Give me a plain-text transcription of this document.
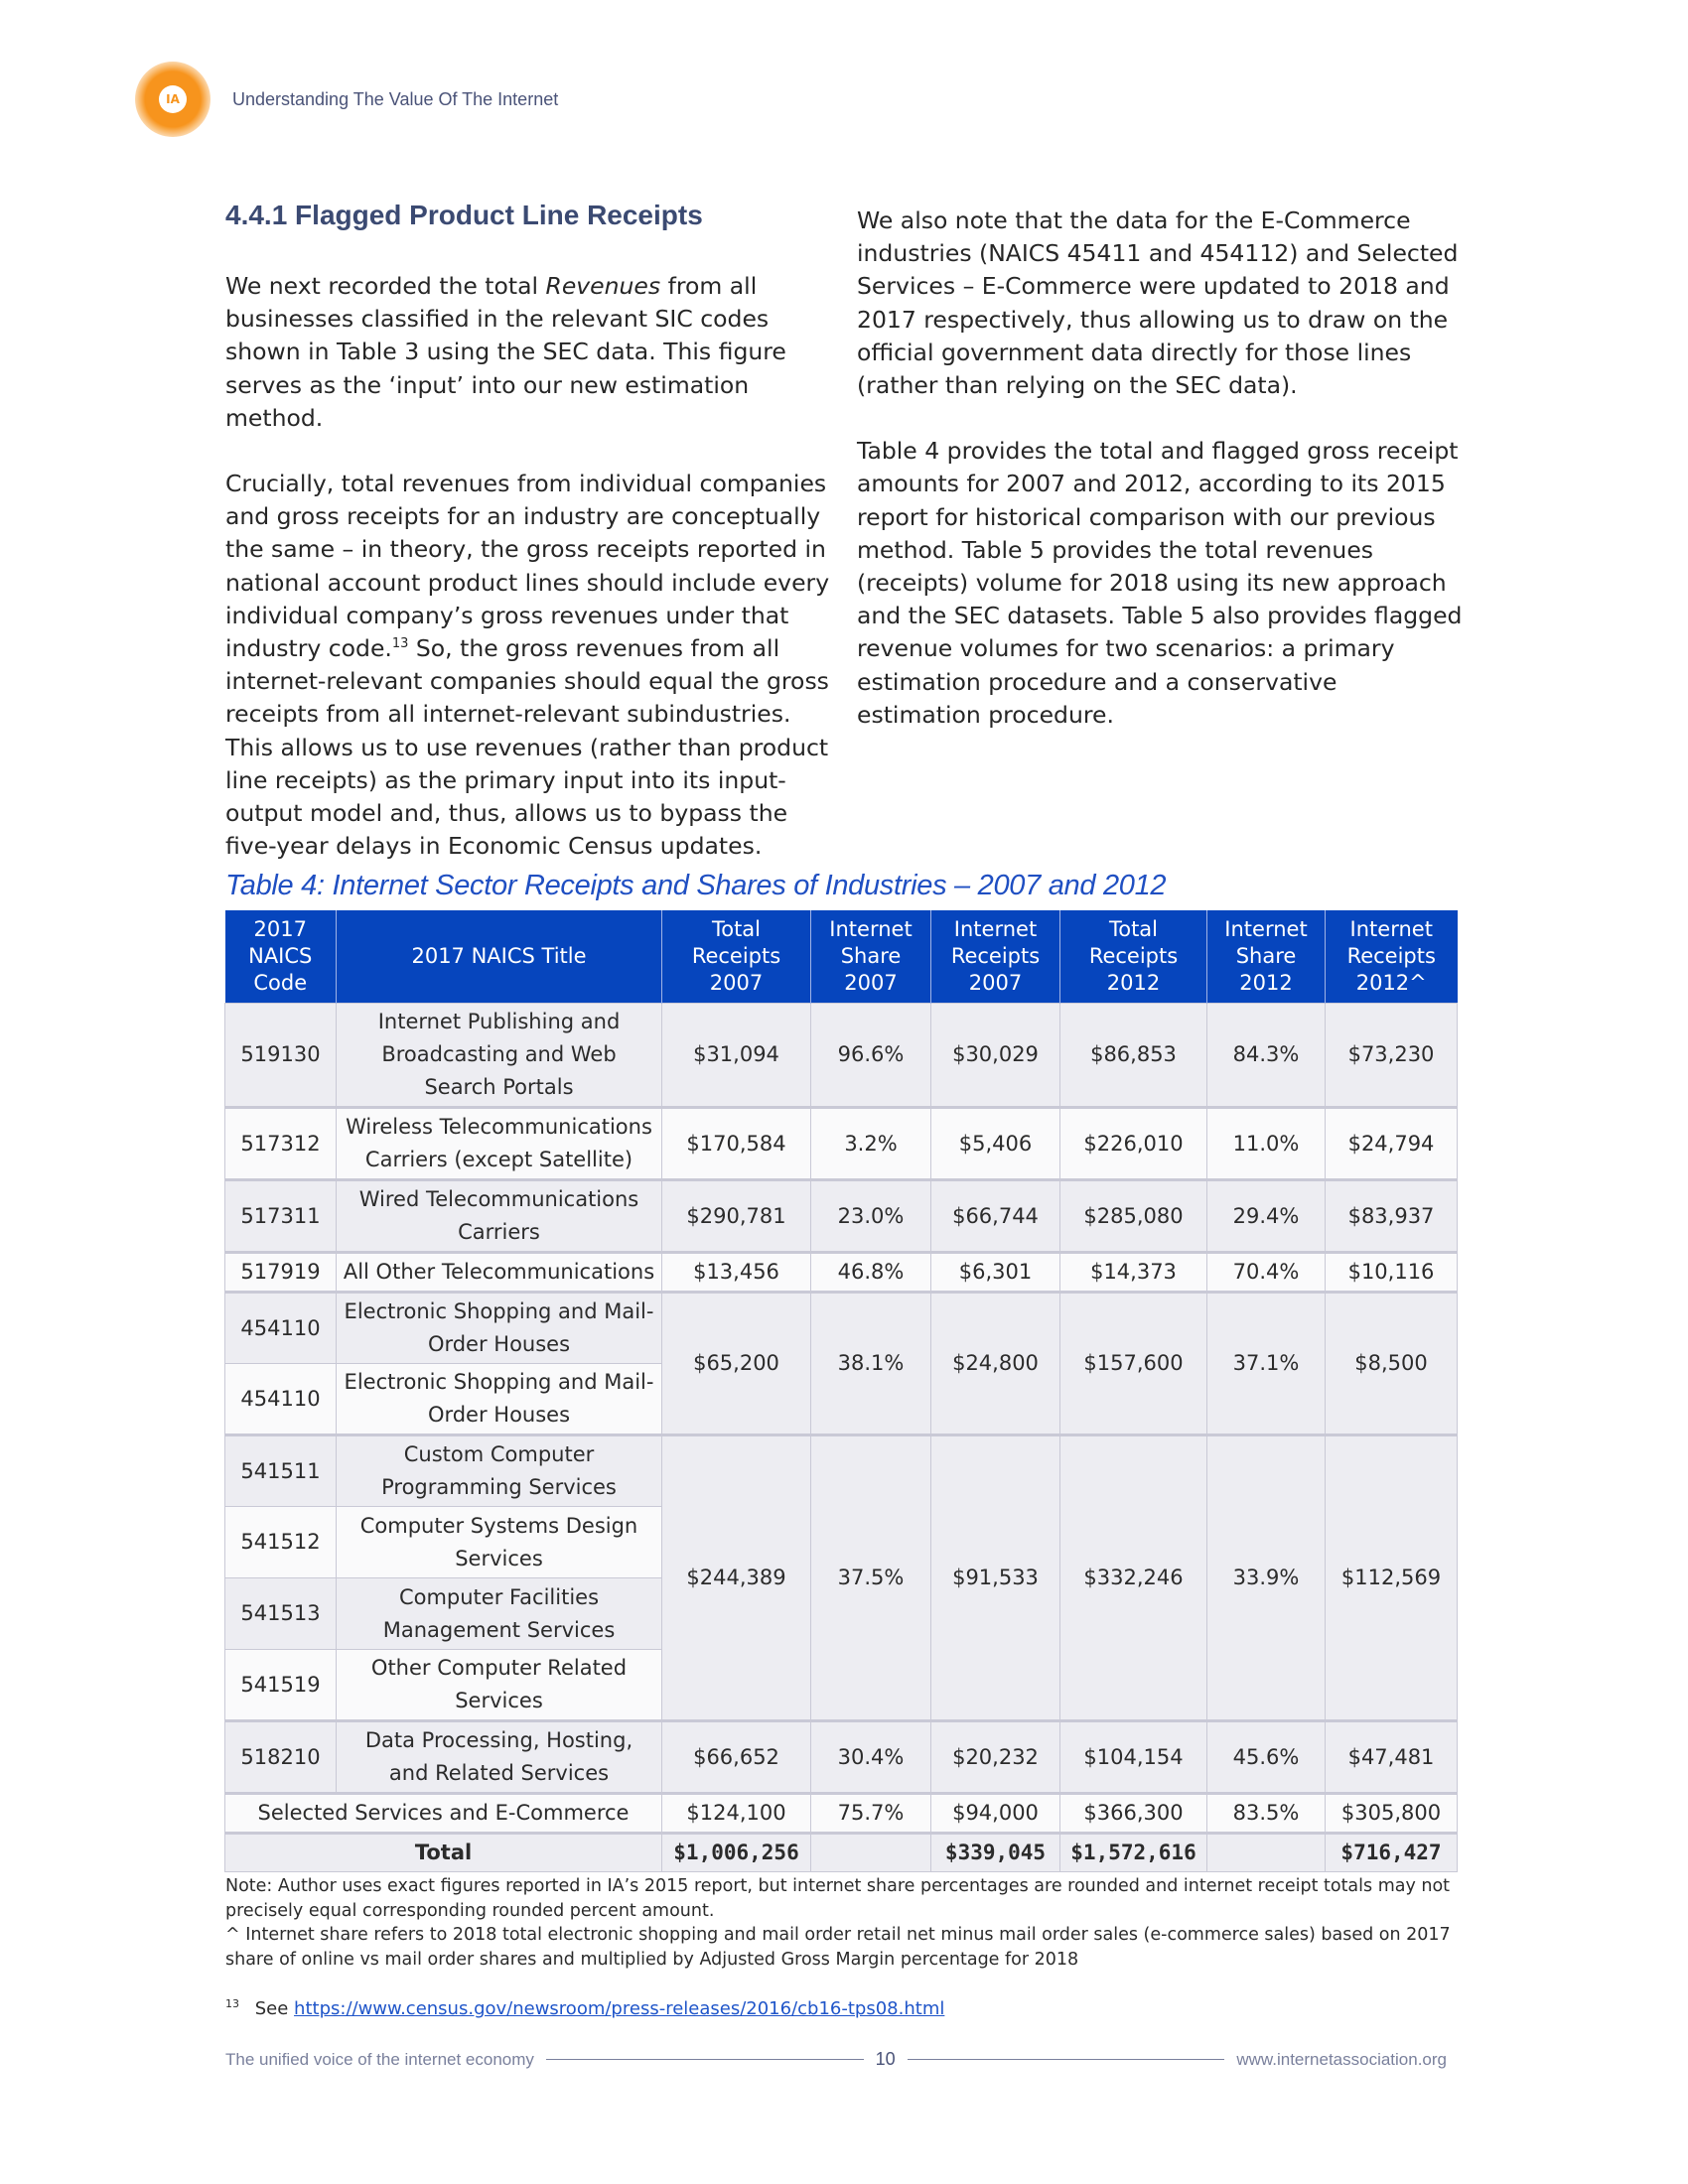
IA	Understanding The Value Of The Internet
4.4.1 Flagged Product Line Receipts

We next recorded the total Revenues from all businesses classified in the relevant SIC codes shown in Table 3 using the SEC data. This figure serves as the ‘input’ into our new estimation method.

Crucially, total revenues from individual companies and gross receipts for an industry are conceptually the same – in theory, the gross receipts reported in national account product lines should include every individual company’s gross revenues under that industry code.$^{13}$ So, the gross revenues from all internet-relevant companies should equal the gross receipts from all internet-relevant subindustries. This allows us to use revenues (rather than product line receipts) as the primary input into its input-output model and, thus, allows us to bypass the five-year delays in Economic Census updates.

We also note that the data for the E-Commerce industries (NAICS 45411 and 454112) and Selected Services – E-Commerce were updated to 2018 and 2017 respectively, thus allowing us to draw on the official government data directly for those lines (rather than relying on the SEC data).

Table 4 provides the total and flagged gross receipt amounts for 2007 and 2012, according to its 2015 report for historical comparison with our previous method. Table 5 provides the total revenues (receipts) volume for 2018 using its new approach and the SEC datasets. Table 5 also provides flagged revenue volumes for two scenarios: a primary estimation procedure and a conservative estimation procedure.

Table 4: Internet Sector Receipts and Shares of Industries – 2007 and 2012
2017 NAICS Code	2017 NAICS Title	Total Receipts 2007	Internet Share 2007	Internet Receipts 2007	Total Receipts 2012	Internet Share 2012	Internet Receipts 2012^
519130	Internet Publishing and Broadcasting and Web Search Portals	$31,094	96.6%	$30,029	$86,853	84.3%	$73,230
517312	Wireless Telecommunications Carriers (except Satellite)	$170,584	3.2%	$5,406	$226,010	11.0%	$24,794
517311	Wired Telecommunications Carriers	$290,781	23.0%	$66,744	$285,080	29.4%	$83,937
517919	All Other Telecommunications	$13,456	46.8%	$6,301	$14,373	70.4%	$10,116
454110	Electronic Shopping and Mail-Order Houses	$65,200	38.1%	$24,800	$157,600	37.1%	$8,500
454110	Electronic Shopping and Mail-Order Houses						
541511	Custom Computer Programming Services	$244,389	37.5%	$91,533	$332,246	33.9%	$112,569
541512	Computer Systems Design Services						
541513	Computer Facilities Management Services						
541519	Other Computer Related Services						
518210	Data Processing, Hosting, and Related Services	$66,652	30.4%	$20,232	$104,154	45.6%	$47,481
Selected Services and E-Commerce		$124,100	75.7%	$94,000	$366,300	83.5%	$305,800
Total		$1,006,256		$339,045	$1,572,616		$716,427

Note: Author uses exact figures reported in IA’s 2015 report, but internet share percentages are rounded and internet receipt totals may not precisely equal corresponding rounded percent amount.

^ Internet share refers to 2018 total electronic shopping and mail order retail net minus mail order sales (e-commerce sales) based on 2017 share of online vs mail order shares and multiplied by Adjusted Gross Margin percentage for 2018

$^{13}$ See https://www.census.gov/newsroom/press-releases/2016/cb16-tps08.html
The unified voice of the internet economy	10	www.internetassociation.org
